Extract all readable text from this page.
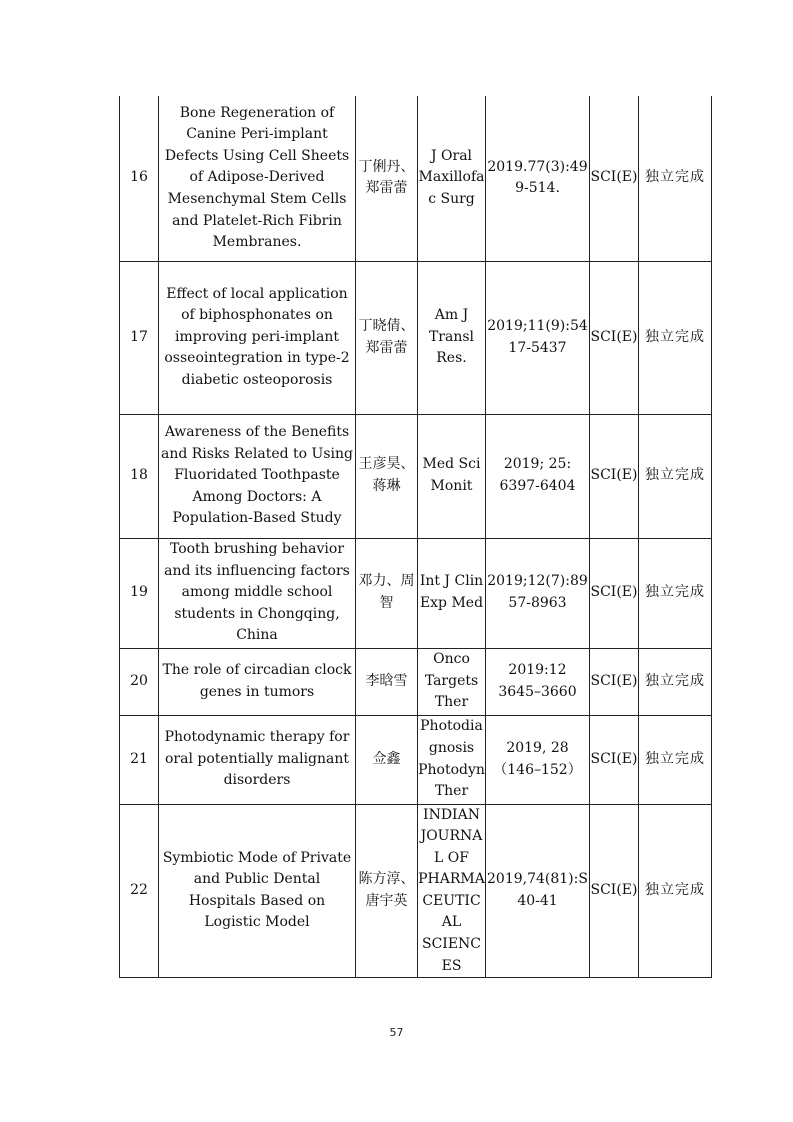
16	Bone Regeneration of Canine Peri-implant Defects Using Cell Sheets of Adipose-Derived Mesenchymal Stem Cells and Platelet-Rich Fibrin Membranes.	丁俐丹、郑雷蕾	J Oral Maxillofac Surg	2019.77(3):499-514.	SCI(E)	独立完成
17	Effect of local application of biphosphonates on improving peri-implant osseointegration in type-2 diabetic osteoporosis	丁晓倩、郑雷蕾	Am J Transl Res.	2019;11(9):5417-5437	SCI(E)	独立完成
18	Awareness of the Benefits and Risks Related to Using Fluoridated Toothpaste Among Doctors: A Population-Based Study	王彦昊、蒋琳	Med Sci Monit	2019; 25: 6397-6404	SCI(E)	独立完成
19	Tooth brushing behavior and its influencing factors among middle school students in Chongqing, China	邓力、周智	Int J Clin Exp Med	2019;12(7):8957-8963	SCI(E)	独立完成
20	The role of circadian clock genes in tumors	李晗雪	Onco Targets Ther	2019:12 3645–3660	SCI(E)	独立完成
21	Photodynamic therapy for oral potentially malignant disorders	佥鑫	Photodiagnosis Photodyn Ther	2019, 28（146–152）	SCI(E)	独立完成
22	Symbiotic Mode of Private and Public Dental Hospitals Based on Logistic Model	陈方淳、唐宇英	INDIAN JOURNAL OF PHARMACEUTICAL SCIENCES	2019,74(81):S40-41	SCI(E)	独立完成
57
